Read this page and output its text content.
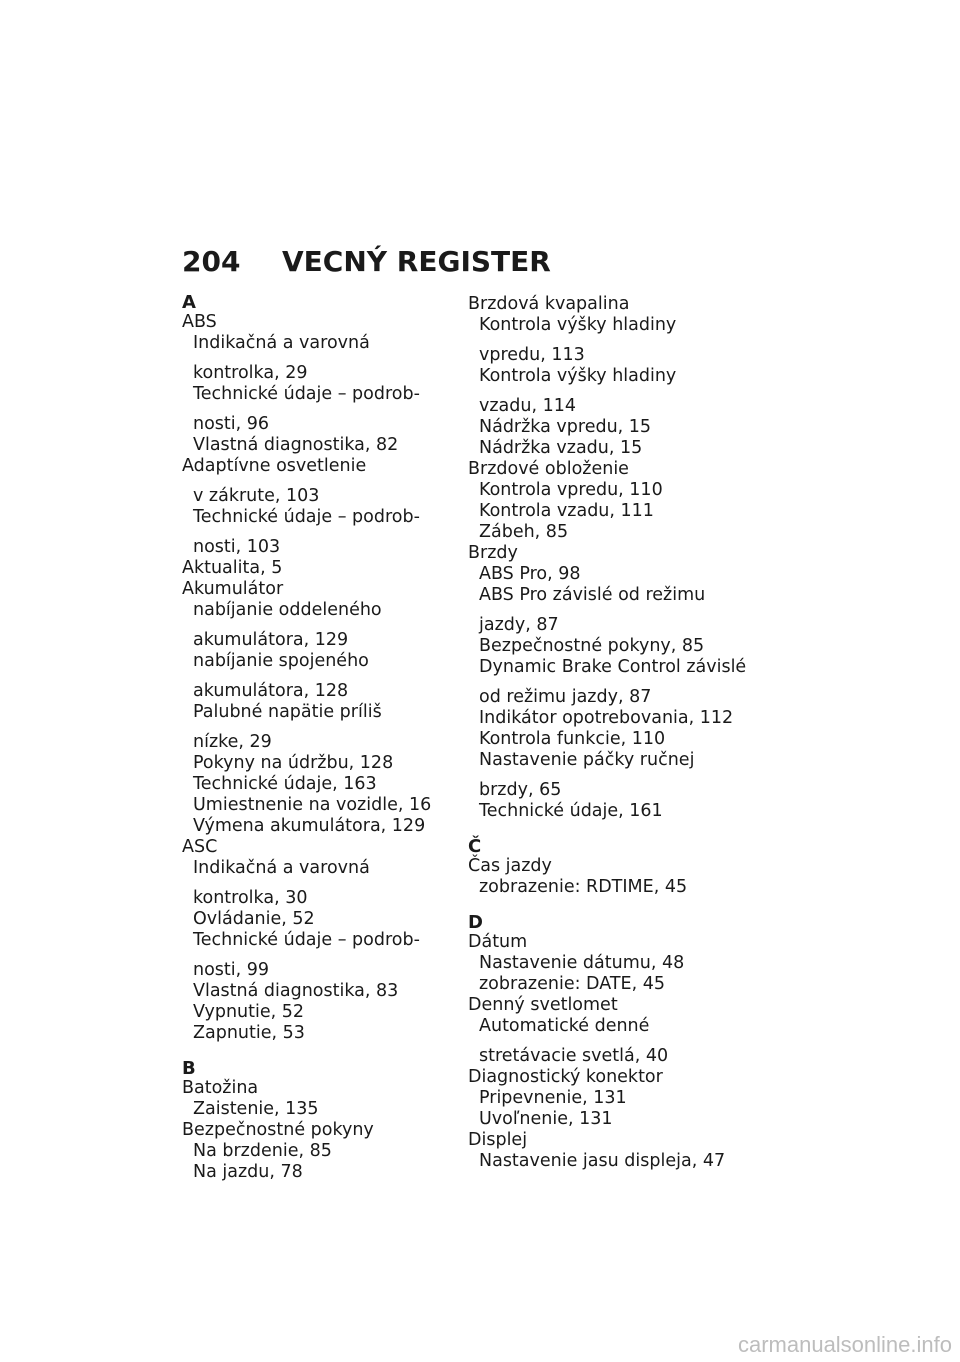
204 VECNÝ REGISTER
A
ABS
Indikačná a varovná
kontrolka, 29
Technické údaje – podrob-
nosti, 96
Vlastná diagnostika, 82
Adaptívne osvetlenie
v zákrute, 103
Technické údaje – podrob-
nosti, 103
Aktualita, 5
Akumulátor
nabíjanie oddeleného
akumulátora, 129
nabíjanie spojeného
akumulátora, 128
Palubné napätie príliš
nízke, 29
Pokyny na údržbu, 128
Technické údaje, 163
Umiestnenie na vozidle, 16
Výmena akumulátora, 129
ASC
Indikačná a varovná
kontrolka, 30
Ovládanie, 52
Technické údaje – podrob-
nosti, 99
Vlastná diagnostika, 83
Vypnutie, 52
Zapnutie, 53
B
Batožina
Zaistenie, 135
Bezpečnostné pokyny
Na brzdenie, 85
Na jazdu, 78
Brzdová kvapalina
Kontrola výšky hladiny
vpredu, 113
Kontrola výšky hladiny
vzadu, 114
Nádržka vpredu, 15
Nádržka vzadu, 15
Brzdové obloženie
Kontrola vpredu, 110
Kontrola vzadu, 111
Zábeh, 85
Brzdy
ABS Pro, 98
ABS Pro závislé od režimu
jazdy, 87
Bezpečnostné pokyny, 85
Dynamic Brake Control závislé
od režimu jazdy, 87
Indikátor opotrebovania, 112
Kontrola funkcie, 110
Nastavenie páčky ručnej
brzdy, 65
Technické údaje, 161
Č
Čas jazdy
zobrazenie: RDTIME, 45
D
Dátum
Nastavenie dátumu, 48
zobrazenie: DATE, 45
Denný svetlomet
Automatické denné
stretávacie svetlá, 40
Diagnostický konektor
Pripevnenie, 131
Uvoľnenie, 131
Displej
Nastavenie jasu displeja, 47
carmanualsonline.info
